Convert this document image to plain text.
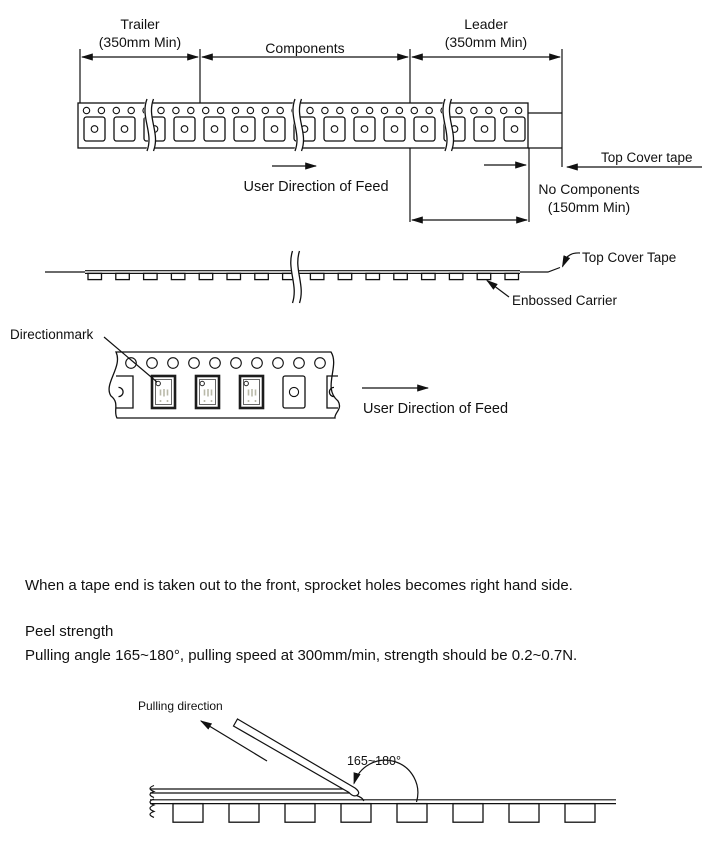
Trailer
(350mm Min)	Components
Leader
(350mm Min)
User Direction of Feed
Top Cover tape
No Components
(150mm Min)
Top Cover Tape
Enbossed Carrier
Directionmark
User Direction of Feed
Pulling direction
165~180°
When a tape end is taken out to the front, sprocket holes becomes right hand side.
Peel strength
Pulling angle 165~180°, pulling speed at 300mm/min, strength should be 0.2~0.7N.
